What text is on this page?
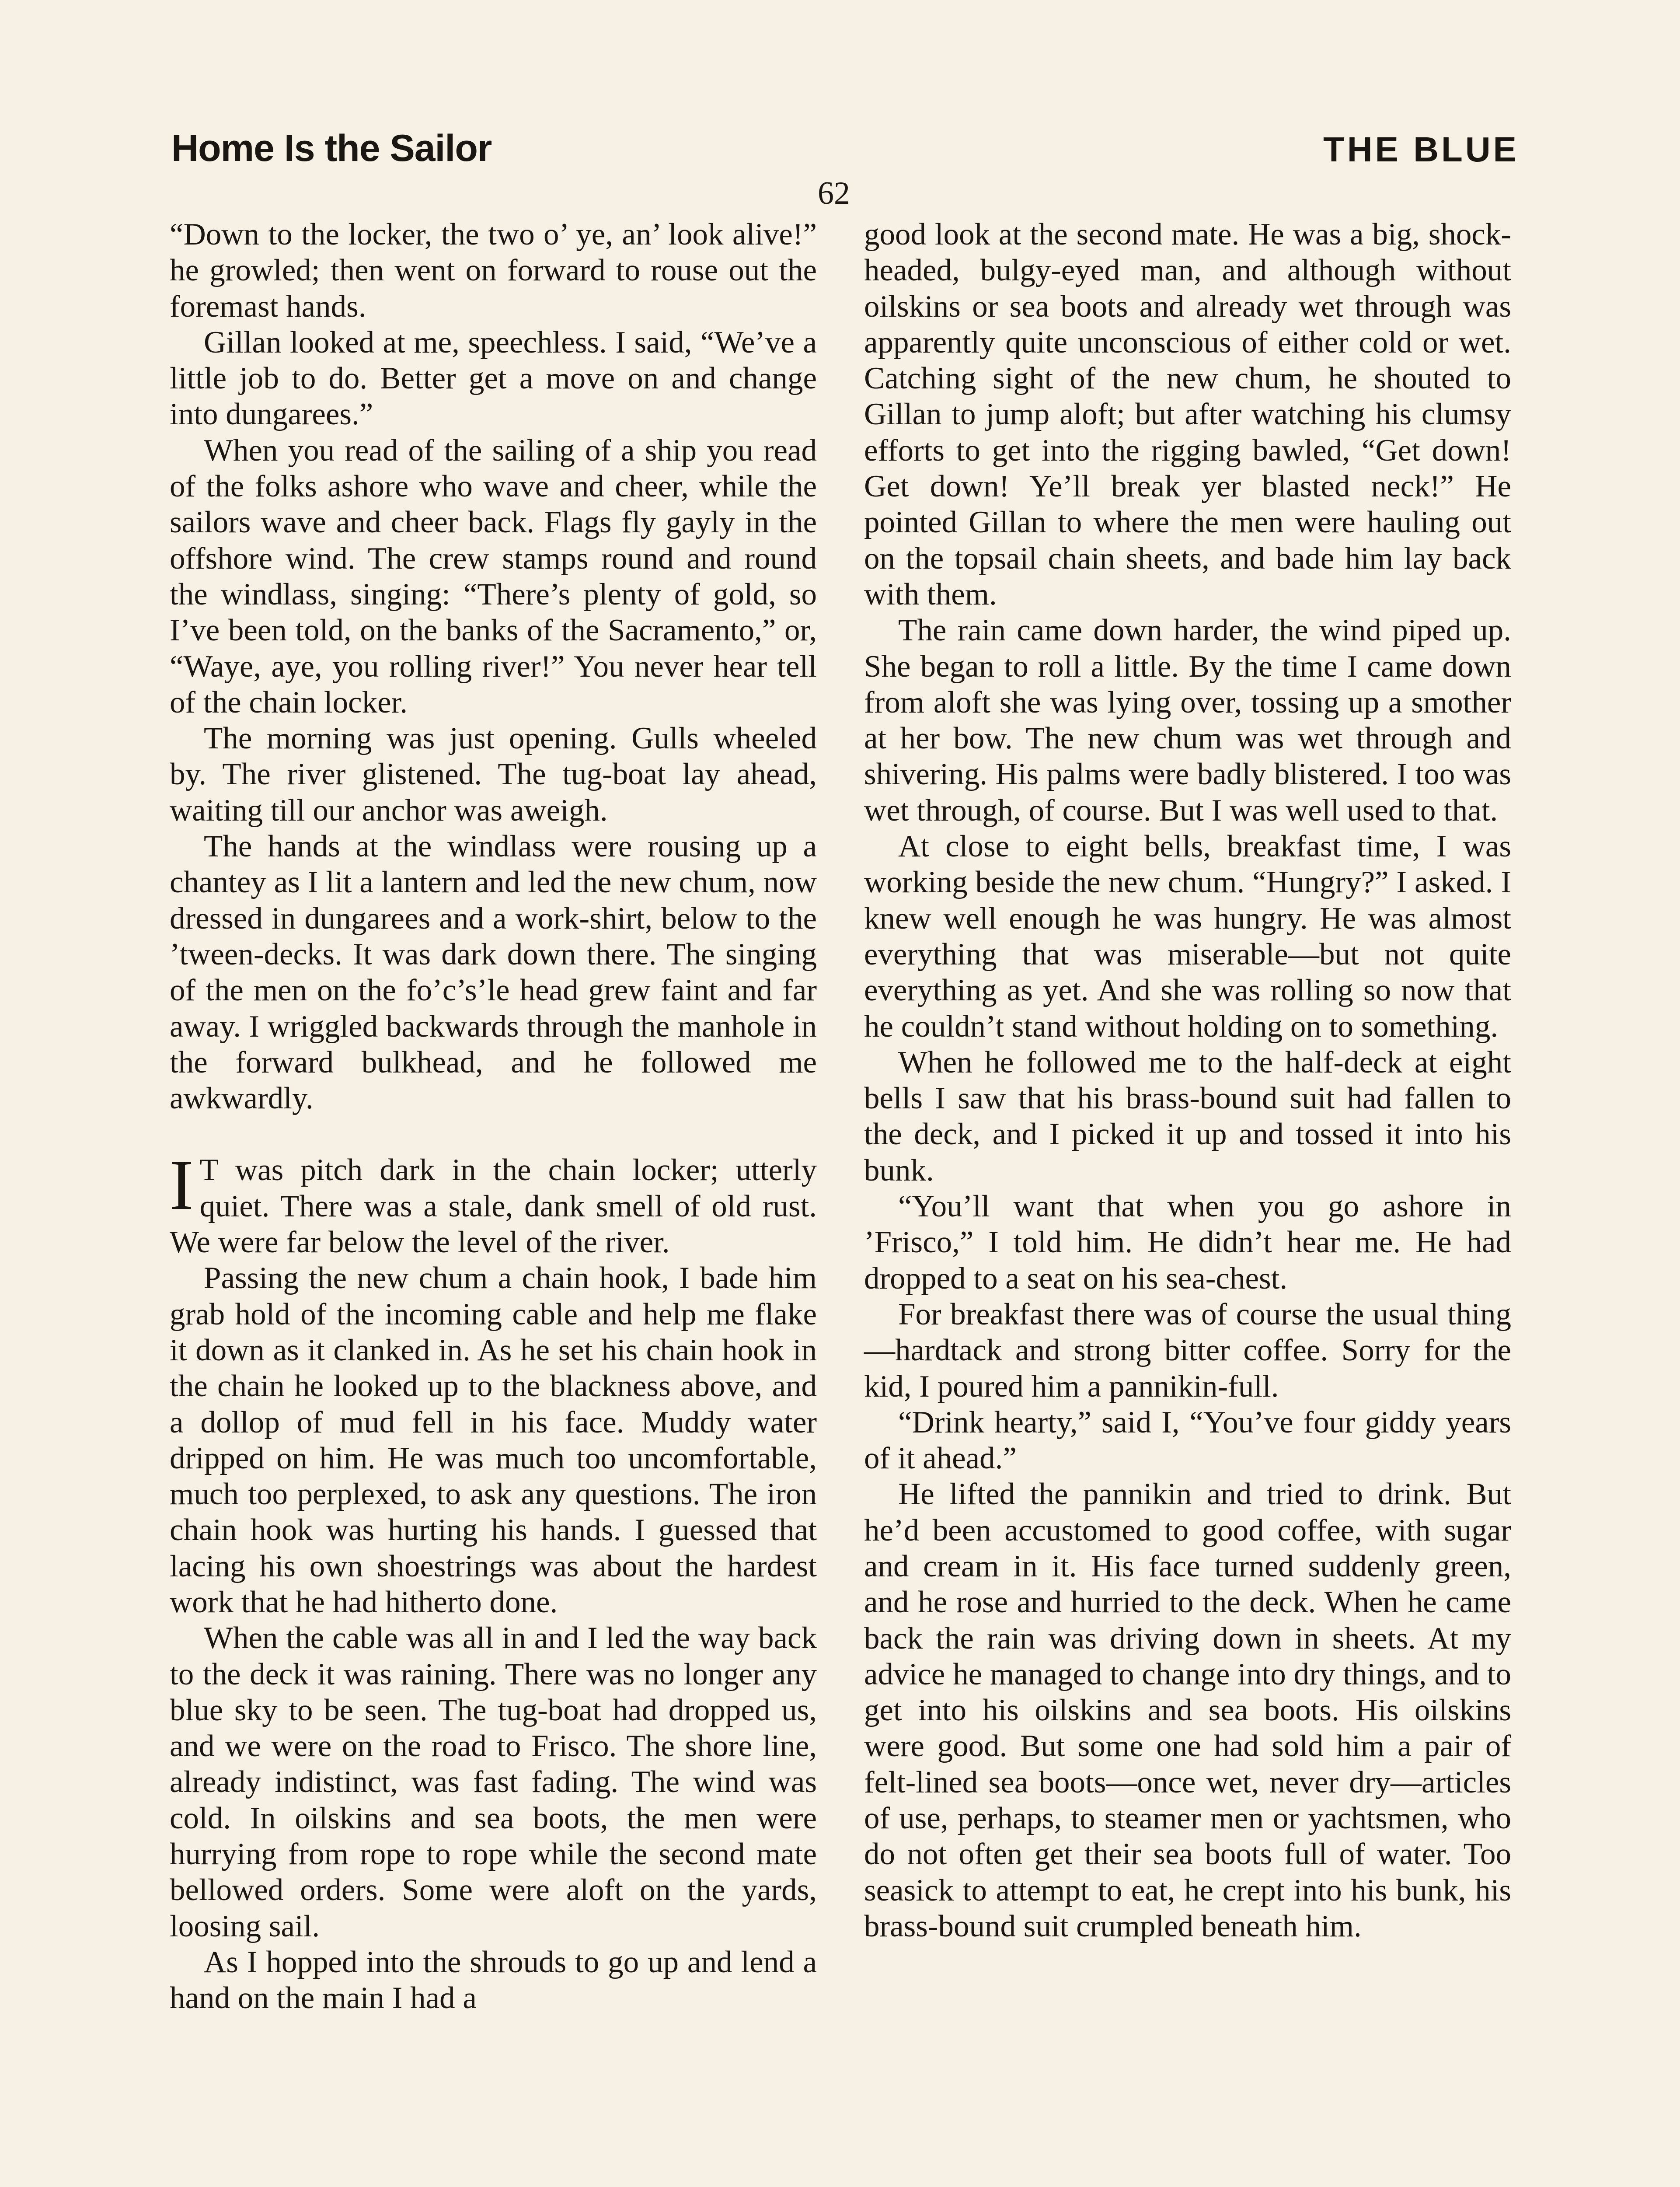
Home Is the Sailor	THE BLUE
62

“Down to the locker, the two o’ ye, an’ look alive!” he growled; then went on forward to rouse out the foremast hands.

Gillan looked at me, speechless. I said, “We’ve a little job to do. Better get a move on and change into dungarees.”

When you read of the sailing of a ship you read of the folks ashore who wave and cheer, while the sailors wave and cheer back. Flags fly gayly in the offshore wind. The crew stamps round and round the windlass, singing: “There’s plenty of gold, so I’ve been told, on the banks of the Sacramento,” or, “Waye, aye, you rolling river!” You never hear tell of the chain locker.

The morning was just opening. Gulls wheeled by. The river glistened. The tug-boat lay ahead, waiting till our anchor was aweigh.

The hands at the windlass were rousing up a chantey as I lit a lantern and led the new chum, now dressed in dungarees and a work-shirt, below to the ’tween-decks. It was dark down there. The singing of the men on the fo’c’s’le head grew faint and far away. I wriggled backwards through the manhole in the forward bulkhead, and he followed me awkwardly.

I T was pitch dark in the chain locker; utterly quiet. There was a stale, dank smell of old rust. We were far below the level of the river.

Passing the new chum a chain hook, I bade him grab hold of the incoming cable and help me flake it down as it clanked in. As he set his chain hook in the chain he looked up to the blackness above, and a dollop of mud fell in his face. Muddy water dripped on him. He was much too uncomfortable, much too perplexed, to ask any questions. The iron chain hook was hurting his hands. I guessed that lacing his own shoestrings was about the hardest work that he had hitherto done.

When the cable was all in and I led the way back to the deck it was raining. There was no longer any blue sky to be seen. The tug-boat had dropped us, and we were on the road to Frisco. The shore line, already indistinct, was fast fading. The wind was cold. In oilskins and sea boots, the men were hurrying from rope to rope while the second mate bellowed orders. Some were aloft on the yards, loosing sail.

As I hopped into the shrouds to go up and lend a hand on the main I had a

good look at the second mate. He was a big, shock-headed, bulgy-eyed man, and although without oilskins or sea boots and already wet through was apparently quite unconscious of either cold or wet. Catching sight of the new chum, he shouted to Gillan to jump aloft; but after watching his clumsy efforts to get into the rigging bawled, “Get down! Get down! Ye’ll break yer blasted neck!” He pointed Gillan to where the men were hauling out on the topsail chain sheets, and bade him lay back with them.

The rain came down harder, the wind piped up. She began to roll a little. By the time I came down from aloft she was lying over, tossing up a smother at her bow. The new chum was wet through and shivering. His palms were badly blistered. I too was wet through, of course. But I was well used to that.

At close to eight bells, breakfast time, I was working beside the new chum. “Hungry?” I asked. I knew well enough he was hungry. He was almost everything that was miserable—but not quite everything as yet. And she was rolling so now that he couldn’t stand without holding on to something.

When he followed me to the half-deck at eight bells I saw that his brass-bound suit had fallen to the deck, and I picked it up and tossed it into his bunk.

“You’ll want that when you go ashore in ’Frisco,” I told him. He didn’t hear me. He had dropped to a seat on his sea-chest.

For breakfast there was of course the usual thing—hardtack and strong bitter coffee. Sorry for the kid, I poured him a pannikin-full.

“Drink hearty,” said I, “You’ve four giddy years of it ahead.”

He lifted the pannikin and tried to drink. But he’d been accustomed to good coffee, with sugar and cream in it. His face turned suddenly green, and he rose and hurried to the deck. When he came back the rain was driving down in sheets. At my advice he managed to change into dry things, and to get into his oilskins and sea boots. His oilskins were good. But some one had sold him a pair of felt-lined sea boots—once wet, never dry—articles of use, perhaps, to steamer men or yachtsmen, who do not often get their sea boots full of water. Too seasick to attempt to eat, he crept into his bunk, his brass-bound suit crumpled beneath him.
